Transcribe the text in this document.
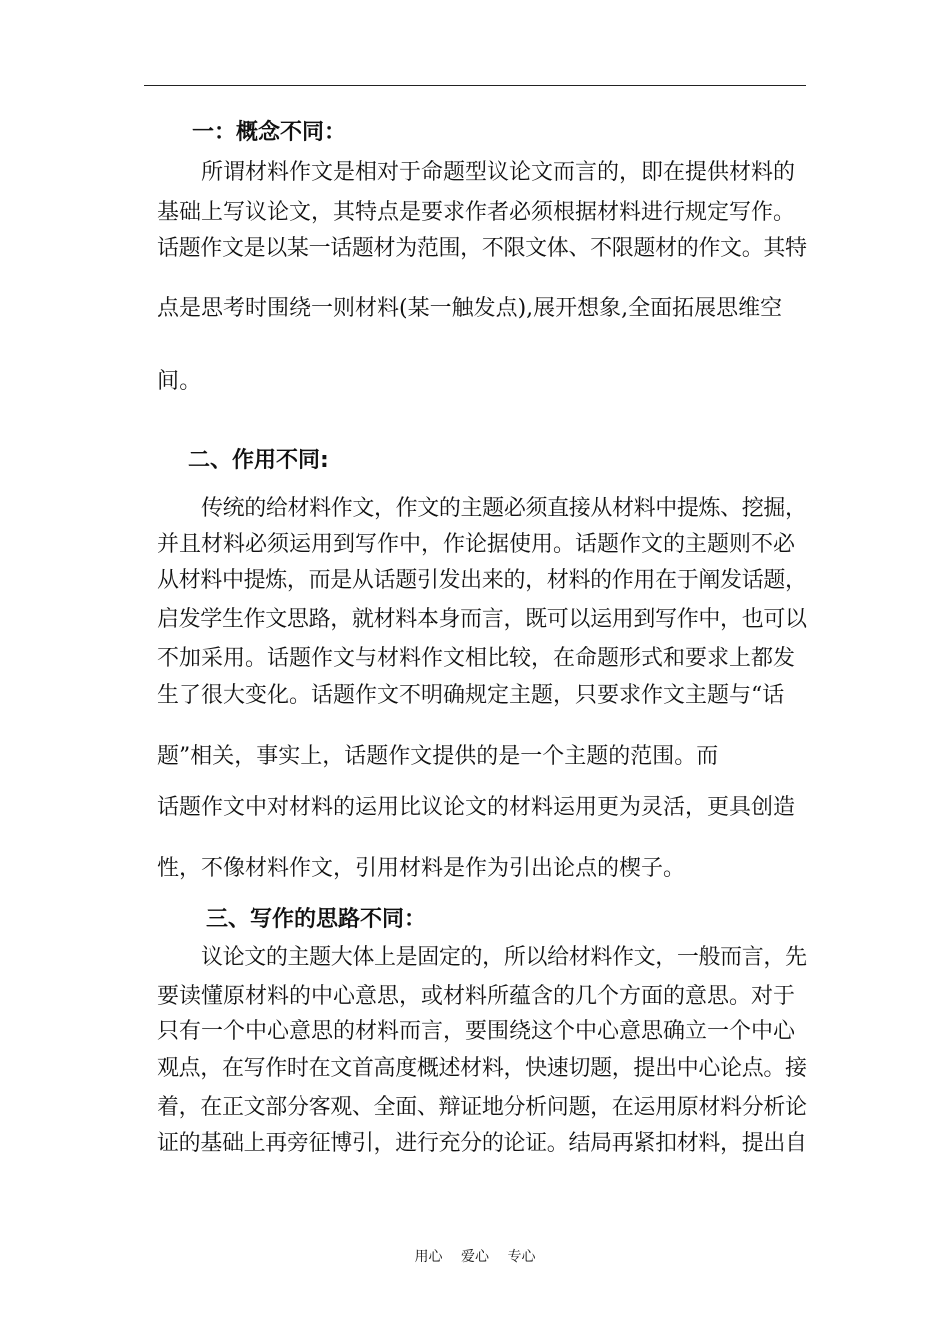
一：概念不同：
所谓材料作文是相对于命题型议论文而言的，即在提供材料的
基础上写议论文，其特点是要求作者必须根据材料进行规定写作。
话题作文是以某一话题材为范围，不限文体、不限题材的作文。其特
点是思考时围绕一则材料(某一触发点),展开想象,全面拓展思维空
间。
二、作用不同:
传统的给材料作文，作文的主题必须直接从材料中提炼、挖掘，
并且材料必须运用到写作中，作论据使用。话题作文的主题则不必
从材料中提炼，而是从话题引发出来的，材料的作用在于阐发话题，
启发学生作文思路，就材料本身而言，既可以运用到写作中，也可以
不加采用。话题作文与材料作文相比较，在命题形式和要求上都发
生了很大变化。话题作文不明确规定主题，只要求作文主题与“话
题”相关，事实上，话题作文提供的是一个主题的范围。而
话题作文中对材料的运用比议论文的材料运用更为灵活，更具创造
性，不像材料作文，引用材料是作为引出论点的楔子。
三、写作的思路不同：
议论文的主题大体上是固定的，所以给材料作文，一般而言，先
要读懂原材料的中心意思，或材料所蕴含的几个方面的意思。对于
只有一个中心意思的材料而言，要围绕这个中心意思确立一个中心
观点，在写作时在文首高度概述材料，快速切题，提出中心论点。接
着，在正文部分客观、全面、辩证地分析问题，在运用原材料分析论
证的基础上再旁征博引，进行充分的论证。结局再紧扣材料，提出自
用心 爱心 专心
